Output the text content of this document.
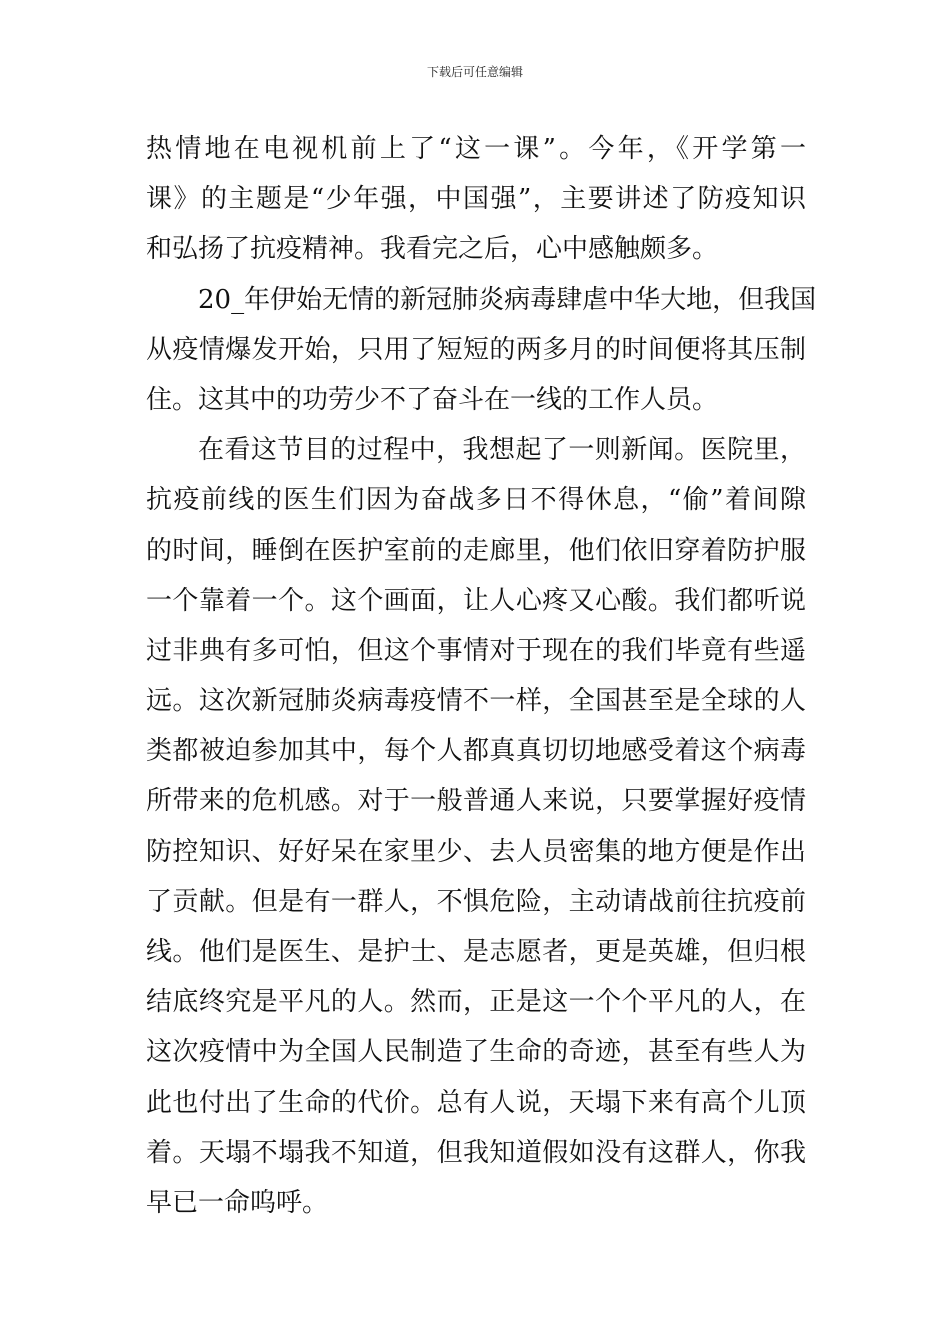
下载后可任意编辑
热情地在电视机前上了“这一课”。今年，《开学第一
课》的主题是“少年强，中国强”，主要讲述了防疫知识
和弘扬了抗疫精神。我看完之后，心中感触颇多。
20_年伊始无情的新冠肺炎病毒肆虐中华大地，但我国
从疫情爆发开始，只用了短短的两多月的时间便将其压制
住。这其中的功劳少不了奋斗在一线的工作人员。
在看这节目的过程中，我想起了一则新闻。医院里，
抗疫前线的医生们因为奋战多日不得休息，“偷”着间隙
的时间，睡倒在医护室前的走廊里，他们依旧穿着防护服
一个靠着一个。这个画面，让人心疼又心酸。我们都听说
过非典有多可怕，但这个事情对于现在的我们毕竟有些遥
远。这次新冠肺炎病毒疫情不一样，全国甚至是全球的人
类都被迫参加其中，每个人都真真切切地感受着这个病毒
所带来的危机感。对于一般普通人来说，只要掌握好疫情
防控知识、好好呆在家里少、去人员密集的地方便是作出
了贡献。但是有一群人，不惧危险，主动请战前往抗疫前
线。他们是医生、是护士、是志愿者，更是英雄，但归根
结底终究是平凡的人。然而，正是这一个个平凡的人，在
这次疫情中为全国人民制造了生命的奇迹，甚至有些人为
此也付出了生命的代价。总有人说，天塌下来有高个儿顶
着。天塌不塌我不知道，但我知道假如没有这群人，你我
早已一命呜呼。
